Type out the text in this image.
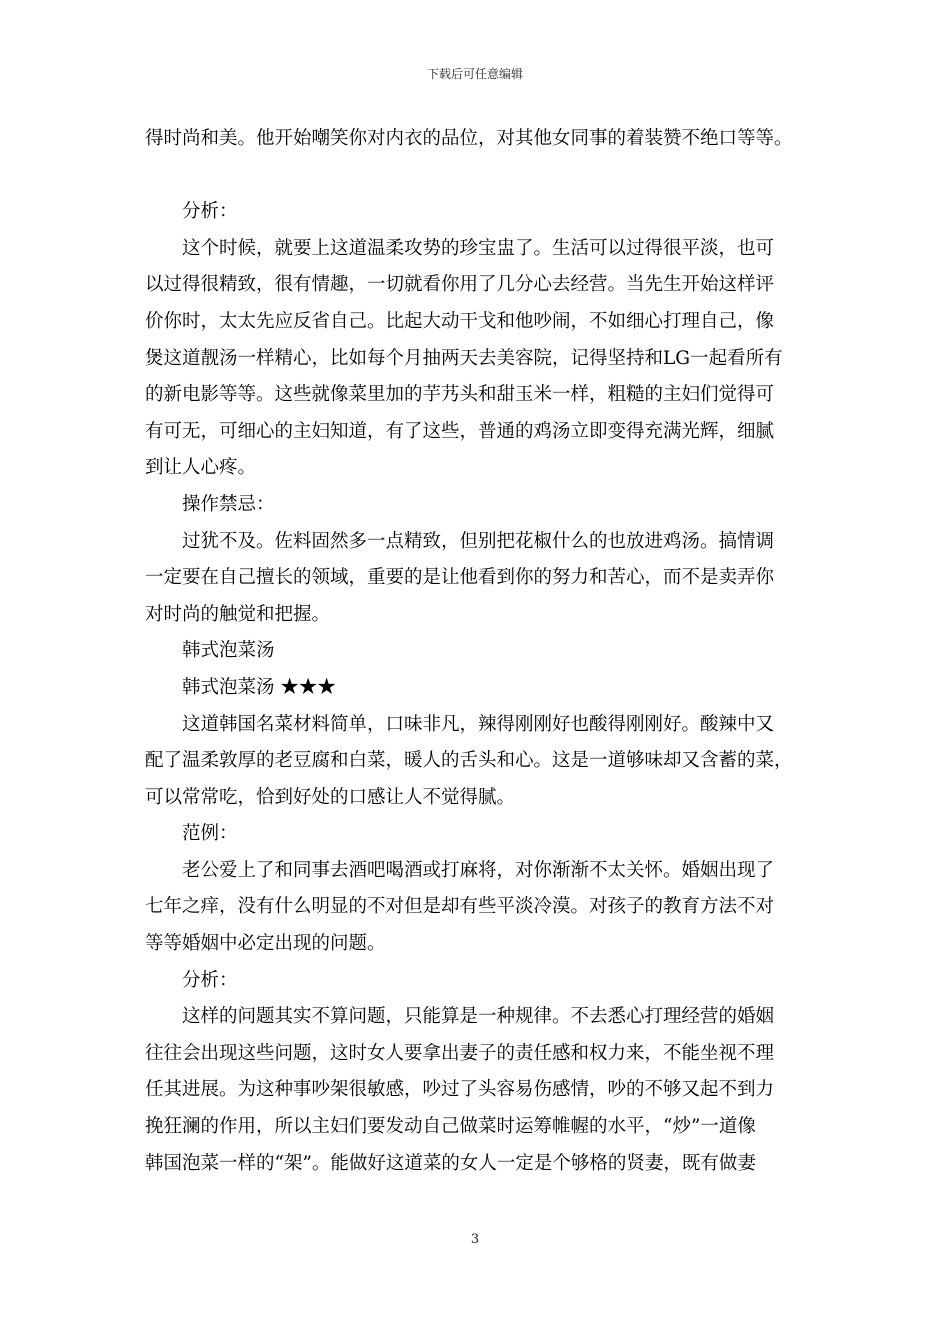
下载后可任意编辑

得时尚和美。他开始嘲笑你对内衣的品位，对其他女同事的着装赞不绝口等等。

分析：

这个时候，就要上这道温柔攻势的珍宝盅了。生活可以过得很平淡，也可

以过得很精致，很有情趣，一切就看你用了几分心去经营。当先生开始这样评

价你时，太太先应反省自己。比起大动干戈和他吵闹，不如细心打理自己，像

煲这道靓汤一样精心，比如每个月抽两天去美容院，记得坚持和LG一起看所有

的新电影等等。这些就像菜里加的芋艿头和甜玉米一样，粗糙的主妇们觉得可

有可无，可细心的主妇知道，有了这些，普通的鸡汤立即变得充满光辉，细腻

到让人心疼。

操作禁忌：

过犹不及。佐料固然多一点精致，但别把花椒什么的也放进鸡汤。搞情调

一定要在自己擅长的领域，重要的是让他看到你的努力和苦心，而不是卖弄你

对时尚的触觉和把握。

韩式泡菜汤

韩式泡菜汤 ★★★

这道韩国名菜材料简单，口味非凡，辣得刚刚好也酸得刚刚好。酸辣中又

配了温柔敦厚的老豆腐和白菜，暖人的舌头和心。这是一道够味却又含蓄的菜，

可以常常吃，恰到好处的口感让人不觉得腻。

范例：

老公爱上了和同事去酒吧喝酒或打麻将，对你渐渐不太关怀。婚姻出现了

七年之痒，没有什么明显的不对但是却有些平淡冷漠。对孩子的教育方法不对

等等婚姻中必定出现的问题。

分析：

这样的问题其实不算问题，只能算是一种规律。不去悉心打理经营的婚姻

往往会出现这些问题，这时女人要拿出妻子的责任感和权力来，不能坐视不理

任其进展。为这种事吵架很敏感，吵过了头容易伤感情，吵的不够又起不到力

挽狂澜的作用，所以主妇们要发动自己做菜时运筹帷幄的水平，“炒”一道像

韩国泡菜一样的“架”。能做好这道菜的女人一定是个够格的贤妻，既有做妻

3
